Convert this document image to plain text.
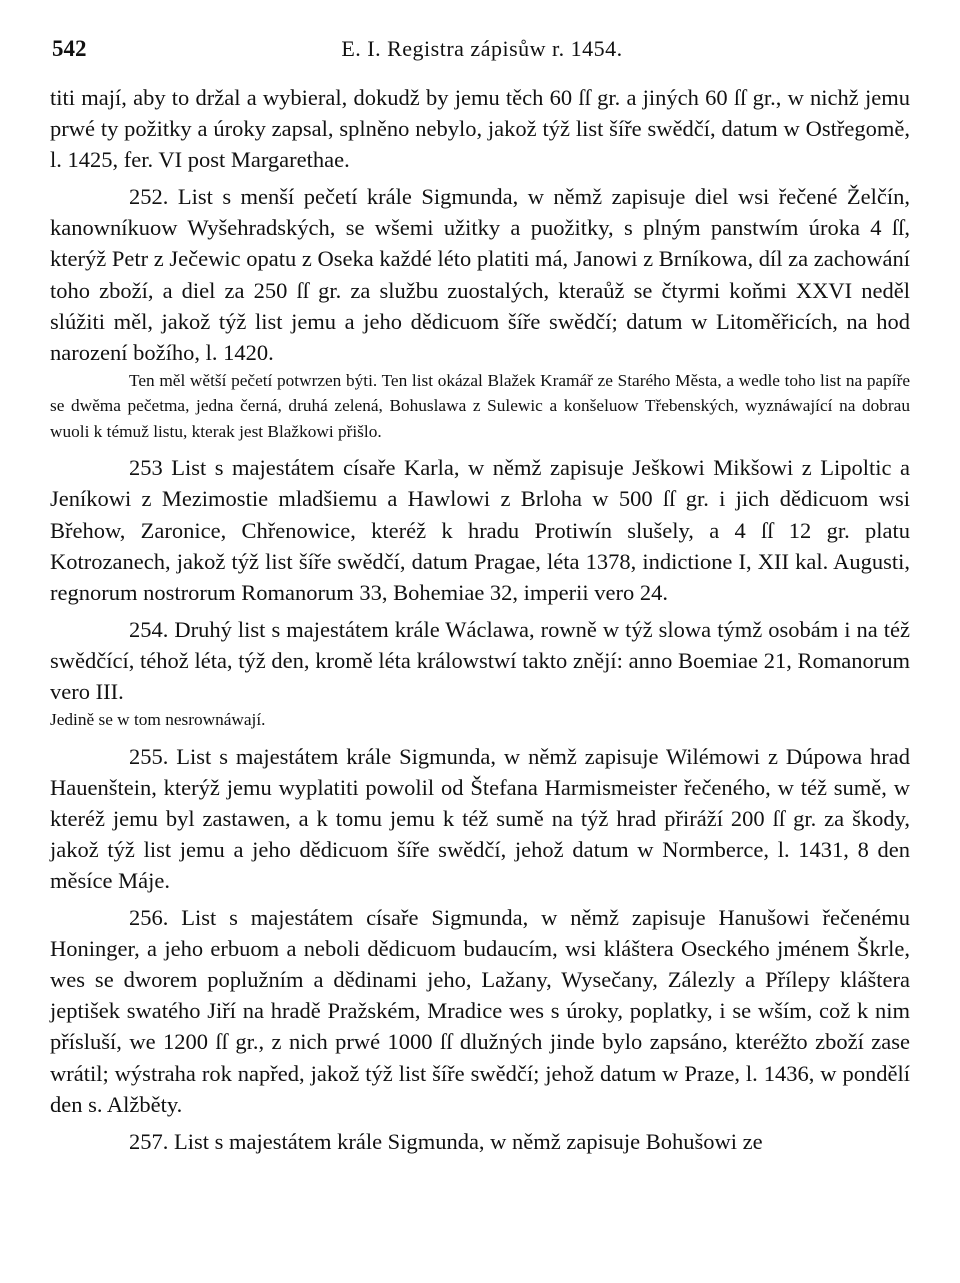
542	E. I. Registra zápisůw r. 1454.

titi mají, aby to držal a wybieral, dokudž by jemu těch 60 ſſ gr. a jiných 60 ſſ gr., w nichž jemu prwé ty požitky a úroky zapsal, splněno nebylo, jakož týž list šíře swědčí, datum w Ostřegomě, l. 1425, fer. VI post Margarethae.

252. List s menší pečetí krále Sigmunda, w němž zapisuje diel wsi řečené Želčín, kanowníkuow Wyšehradských, se wšemi užitky a puožitky, s plným panstwím úroka 4 ſſ, kterýž Petr z Ječewic opatu z Oseka každé léto platiti má, Janowi z Brníkowa, díl za zachowání toho zboží, a diel za 250 ſſ gr. za službu zuostalých, kteraůž se čtyrmi koňmi XXVI neděl slúžiti měl, jakož týž list jemu a jeho dědicuom šíře swědčí; datum w Litoměřicích, na hod narození božího, l. 1420.

Ten měl wětší pečetí potwrzen býti. Ten list okázal Blažek Kramář ze Starého Města, a wedle toho list na papíře se dwěma pečetma, jedna černá, druhá zelená, Bohuslawa z Sulewic a konšeluow Třebenských, wyznáwající na dobrau wuoli k témuž listu, kterak jest Blažkowi přišlo.

253 List s majestátem císaře Karla, w němž zapisuje Ješkowi Mikšowi z Lipoltic a Jeníkowi z Mezimostie mladšiemu a Hawlowi z Brloha w 500 ſſ gr. i jich dědicuom wsi Břehow, Zaronice, Chřenowice, kteréž k hradu Protiwín slušely, a 4 ſſ 12 gr. platu Kotrozanech, jakož týž list šíře swědčí, datum Pragae, léta 1378, indictione I, XII kal. Augusti, regnorum nostrorum Romanorum 33, Bohemiae 32, imperii vero 24.

254. Druhý list s majestátem krále Wáclawa, rowně w týž slowa týmž osobám i na též swědčící, téhož léta, týž den, kromě léta králowstwí takto znějí: anno Boemiae 21, Romanorum vero III.

Jedině se w tom nesrownáwají.

255. List s majestátem krále Sigmunda, w němž zapisuje Wilémowi z Dúpowa hrad Hauenštein, kterýž jemu wyplatiti powolil od Štefana Harmismeister řečeného, w též sumě, w kteréž jemu byl zastawen, a k tomu jemu k též sumě na týž hrad přiráží 200 ſſ gr. za škody, jakož týž list jemu a jeho dědicuom šíře swědčí, jehož datum w Normberce, l. 1431, 8 den měsíce Máje.

256. List s majestátem císaře Sigmunda, w němž zapisuje Hanušowi řečenému Honinger, a jeho erbuom a neboli dědicuom budaucím, wsi kláštera Oseckého jménem Škrle, wes se dworem poplužním a dědinami jeho, Lažany, Wysečany, Zálezly a Přílepy kláštera jeptišek swatého Jiří na hradě Pražském, Mradice wes s úroky, poplatky, i se wším, což k nim přísluší, we 1200 ſſ gr., z nich prwé 1000 ſſ dlužných jinde bylo zapsáno, kteréžto zboží zase wrátil; wýstraha rok napřed, jakož týž list šíře swědčí; jehož datum w Praze, l. 1436, w pondělí den s. Alžběty.

257. List s majestátem krále Sigmunda, w němž zapisuje Bohušowi ze
